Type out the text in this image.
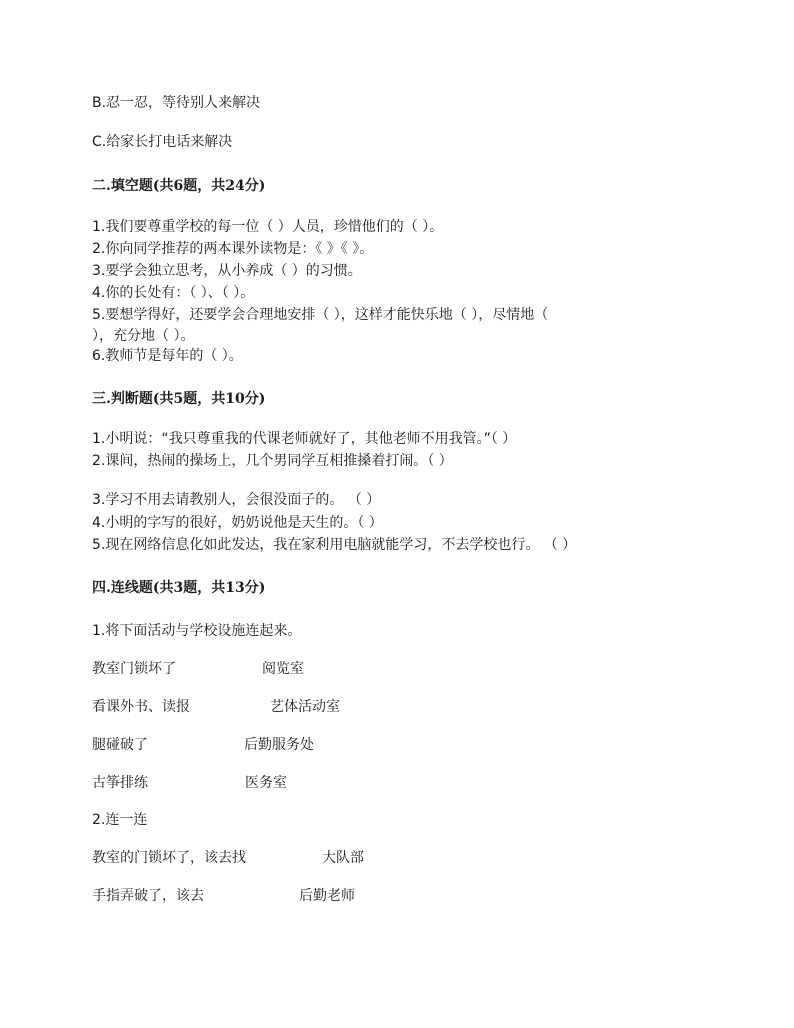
B.忍一忍，等待别人来解决
C.给家长打电话来解决
二.填空题(共6题，共24分)
1.我们要尊重学校的每一位（ ）人员，珍惜他们的（ ）。
2.你向同学推荐的两本课外读物是：《 》《 》。
3.要学会独立思考，从小养成（ ）的习惯。
4.你的长处有：（ ）、（ ）。
5.要想学得好，还要学会合理地安排（ ），这样才能快乐地（ ），尽情地（
），充分地（ ）。
6.教师节是每年的（ ）。
三.判断题(共5题，共10分)
1.小明说：“我只尊重我的代课老师就好了，其他老师不用我管。”（ ）
2.课间，热闹的操场上，几个男同学互相推搡着打闹。（ ）
3.学习不用去请教别人，会很没面子的。 （ ）
4.小明的字写的很好，奶奶说他是天生的。（ ）
5.现在网络信息化如此发达，我在家利用电脑就能学习，不去学校也行。 （ ）
四.连线题(共3题，共13分)
1.将下面活动与学校设施连起来。
教室门锁坏了	阅览室
看课外书、读报	艺体活动室
腿碰破了	后勤服务处
古筝排练	医务室
2.连一连
教室的门锁坏了，该去找	大队部
手指弄破了，该去	后勤老师
